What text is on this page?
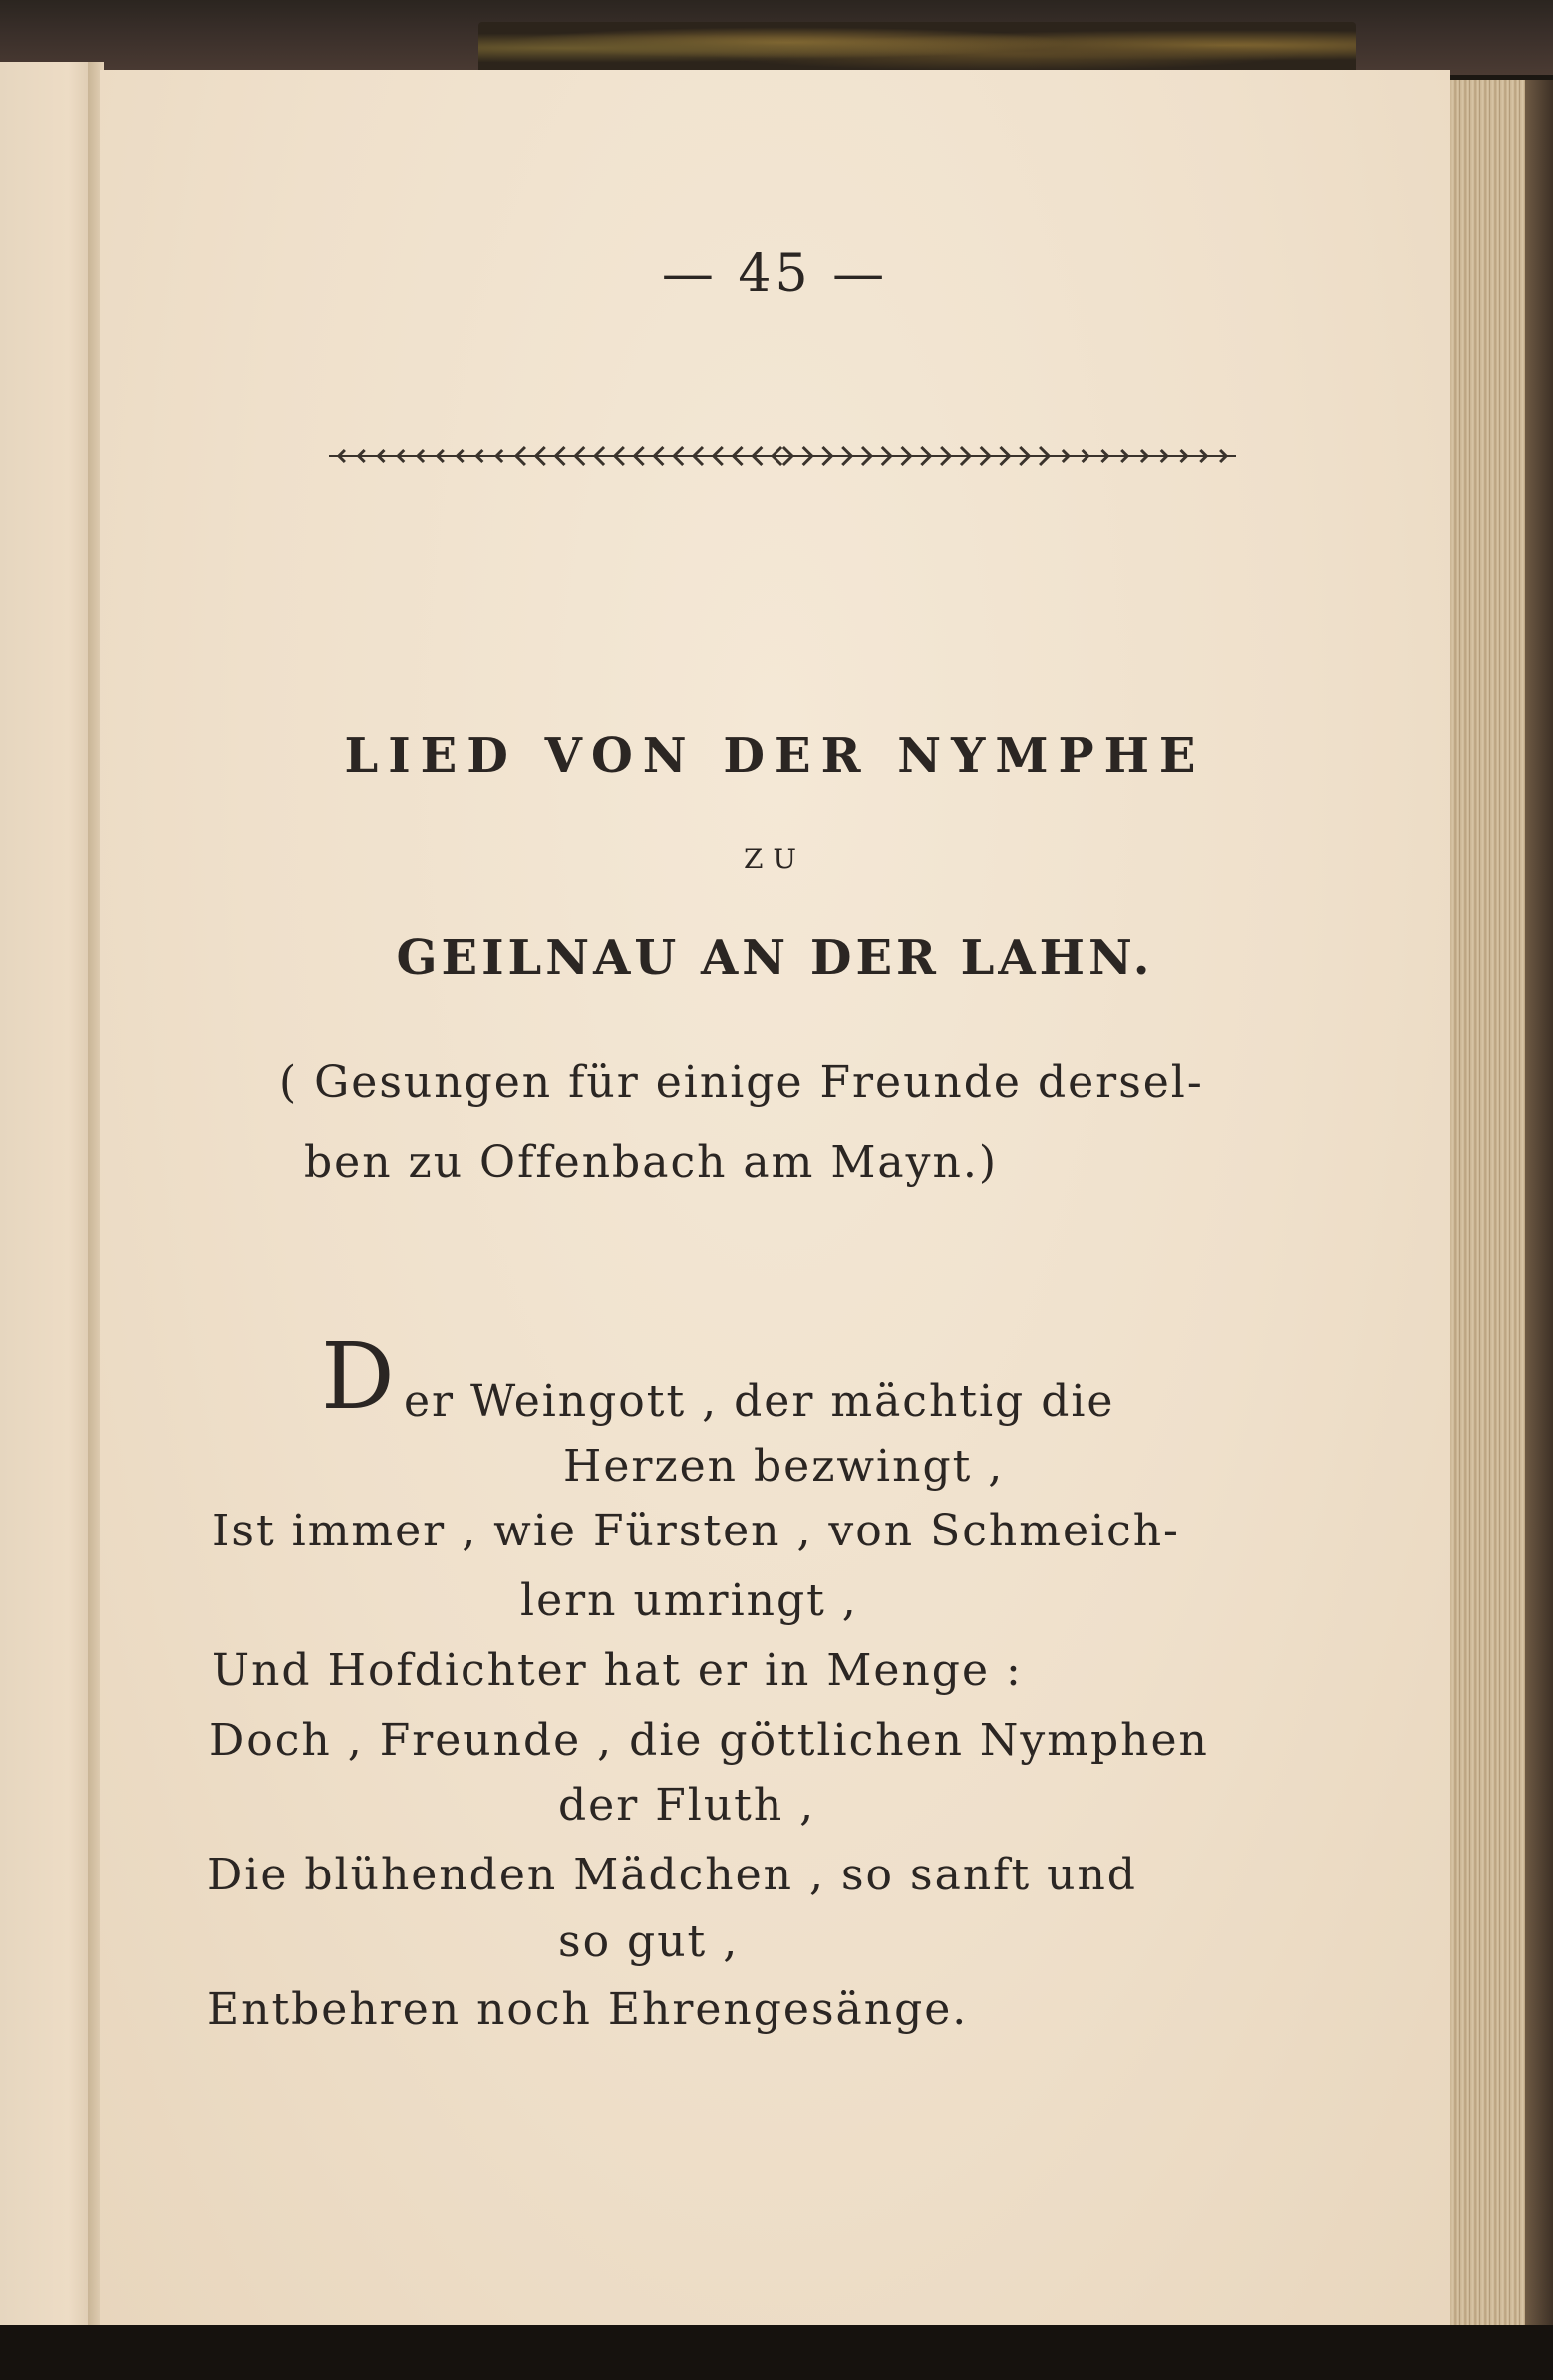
— 45 —
LIED VON DER NYMPHE
ZU
GEILNAU AN DER LAHN.
( Gesungen für einige Freunde dersel-
ben zu Offenbach am Mayn.)
D er Weingott , der mächtig die
Herzen bezwingt ,
Ist immer , wie Fürsten , von Schmeich-
lern umringt ,
Und Hofdichter hat er in Menge :
Doch , Freunde , die göttlichen Nymphen
der Fluth ,
Die blühenden Mädchen , so sanft und
so gut ,
Entbehren noch Ehrengesänge.
